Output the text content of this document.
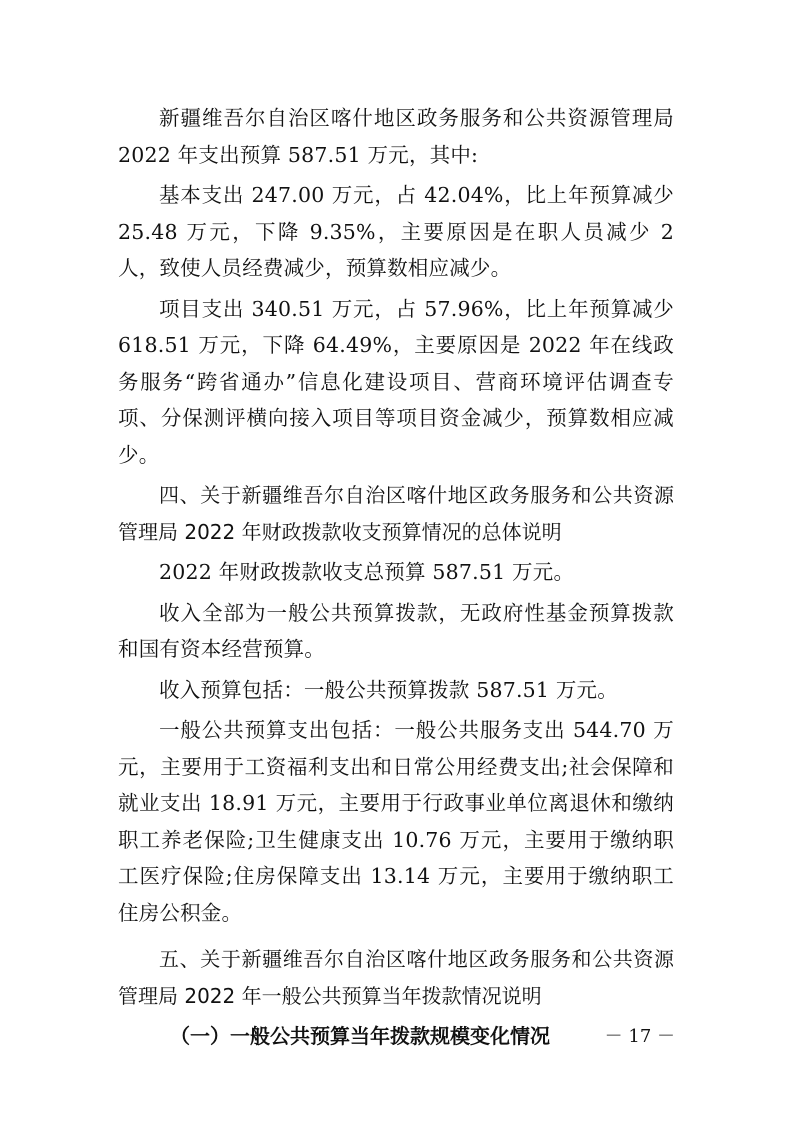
新疆维吾尔自治区喀什地区政务服务和公共资源管理局 2022 年支出预算 587.51 万元，其中:

基本支出 247.00 万元，占 42.04%，比上年预算减少 25.48 万元，下降 9.35%，主要原因是在职人员减少 2 人，致使人员经费减少，预算数相应减少。

项目支出 340.51 万元，占 57.96%，比上年预算减少 618.51 万元，下降 64.49%，主要原因是 2022 年在线政务服务“跨省通办”信息化建设项目、营商环境评估调查专项、分保测评横向接入项目等项目资金减少，预算数相应减少。

四、关于新疆维吾尔自治区喀什地区政务服务和公共资源管理局 2022 年财政拨款收支预算情况的总体说明

2022 年财政拨款收支总预算 587.51 万元。

收入全部为一般公共预算拨款，无政府性基金预算拨款和国有资本经营预算。

收入预算包括：一般公共预算拨款 587.51 万元。

一般公共预算支出包括：一般公共服务支出 544.70 万元，主要用于工资福利支出和日常公用经费支出;社会保障和就业支出 18.91 万元，主要用于行政事业单位离退休和缴纳职工养老保险;卫生健康支出 10.76 万元，主要用于缴纳职工医疗保险;住房保障支出 13.14 万元，主要用于缴纳职工住房公积金。

五、关于新疆维吾尔自治区喀什地区政务服务和公共资源管理局 2022 年一般公共预算当年拨款情况说明

（一）一般公共预算当年拨款规模变化情况	－ 17 －
